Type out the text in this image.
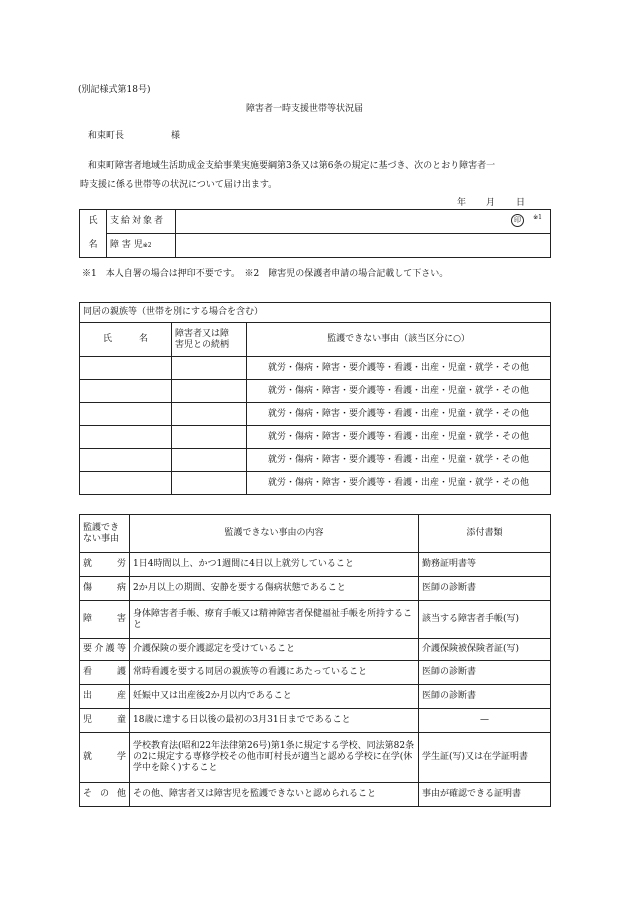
(別記様式第18号)
障害者一時支援世帯等状況届
和束町長	様
和束町障害者地域生活助成金支給事業実施要綱第3条又は第6条の規定に基づき、次のとおり障害者一
時支援に係る世帯等の状況について届け出ます。
年 月 日
氏	支給対象者	印 ※1

名	障 害 児$^{※2}$	
※1　本人自署の場合は押印不要です。　※2　障害児の保護者申請の場合記載して下さい。
同居の親族等（世帯を別にする場合を含む）		
氏　　　名	障害者又は障
害児との続柄	監護できない事由（該当区分に○）
		就労・傷病・障害・要介護等・看護・出産・児童・就学・その他
		就労・傷病・障害・要介護等・看護・出産・児童・就学・その他
		就労・傷病・障害・要介護等・看護・出産・児童・就学・その他
		就労・傷病・障害・要介護等・看護・出産・児童・就学・その他
		就労・傷病・障害・要介護等・看護・出産・児童・就学・その他
		就労・傷病・障害・要介護等・看護・出産・児童・就学・その他
監護でき
ない事由	監護できない事由の内容	添付書類
就　労	1日4時間以上、かつ1週間に4日以上就労していること	勤務証明書等
傷　病	2か月以上の期間、安静を要する傷病状態であること	医師の診断書
障　害	身体障害者手帳、療育手帳又は精神障害者保健福祉手帳を所持すること	該当する障害者手帳(写)
要介護等	介護保険の要介護認定を受けていること	介護保険被保険者証(写)
看　護	常時看護を要する同居の親族等の看護にあたっていること	医師の診断書
出　産	妊娠中又は出産後2か月以内であること	医師の診断書
児　童	18歳に達する日以後の最初の3月31日までであること	—
就　学	学校教育法(昭和22年法律第26号)第1条に規定する学校、同法第82条の2に規定する専修学校その他市町村長が適当と認める学校に在学(休学中を除く)すること	学生証(写)又は在学証明書
そ の 他	その他、障害者又は障害児を監護できないと認められること	事由が確認できる証明書
